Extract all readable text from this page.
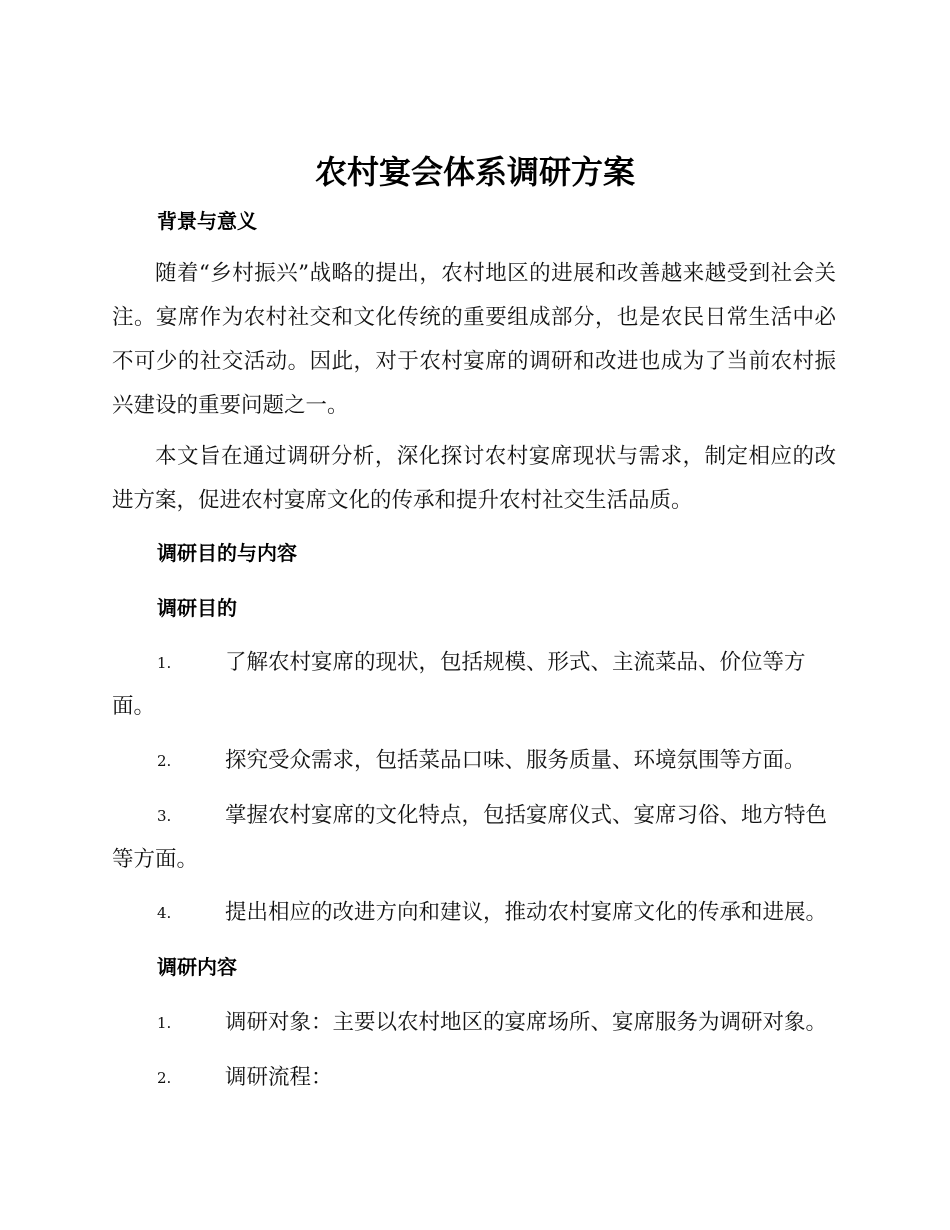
农村宴会体系调研方案
背景与意义

随着“乡村振兴”战略的提出，农村地区的进展和改善越来越受到社会关注。宴席作为农村社交和文化传统的重要组成部分，也是农民日常生活中必不可少的社交活动。因此，对于农村宴席的调研和改进也成为了当前农村振兴建设的重要问题之一。

本文旨在通过调研分析，深化探讨农村宴席现状与需求，制定相应的改进方案，促进农村宴席文化的传承和提升农村社交生活品质。

调研目的与内容
调研目的
1.	了解农村宴席的现状，包括规模、形式、主流菜品、价位等方面。

2.	探究受众需求，包括菜品口味、服务质量、环境氛围等方面。

3.	掌握农村宴席的文化特点，包括宴席仪式、宴席习俗、地方特色等方面。

4.	提出相应的改进方向和建议，推动农村宴席文化的传承和进展。

调研内容
1.	调研对象：主要以农村地区的宴席场所、宴席服务为调研对象。

2.	调研流程：
